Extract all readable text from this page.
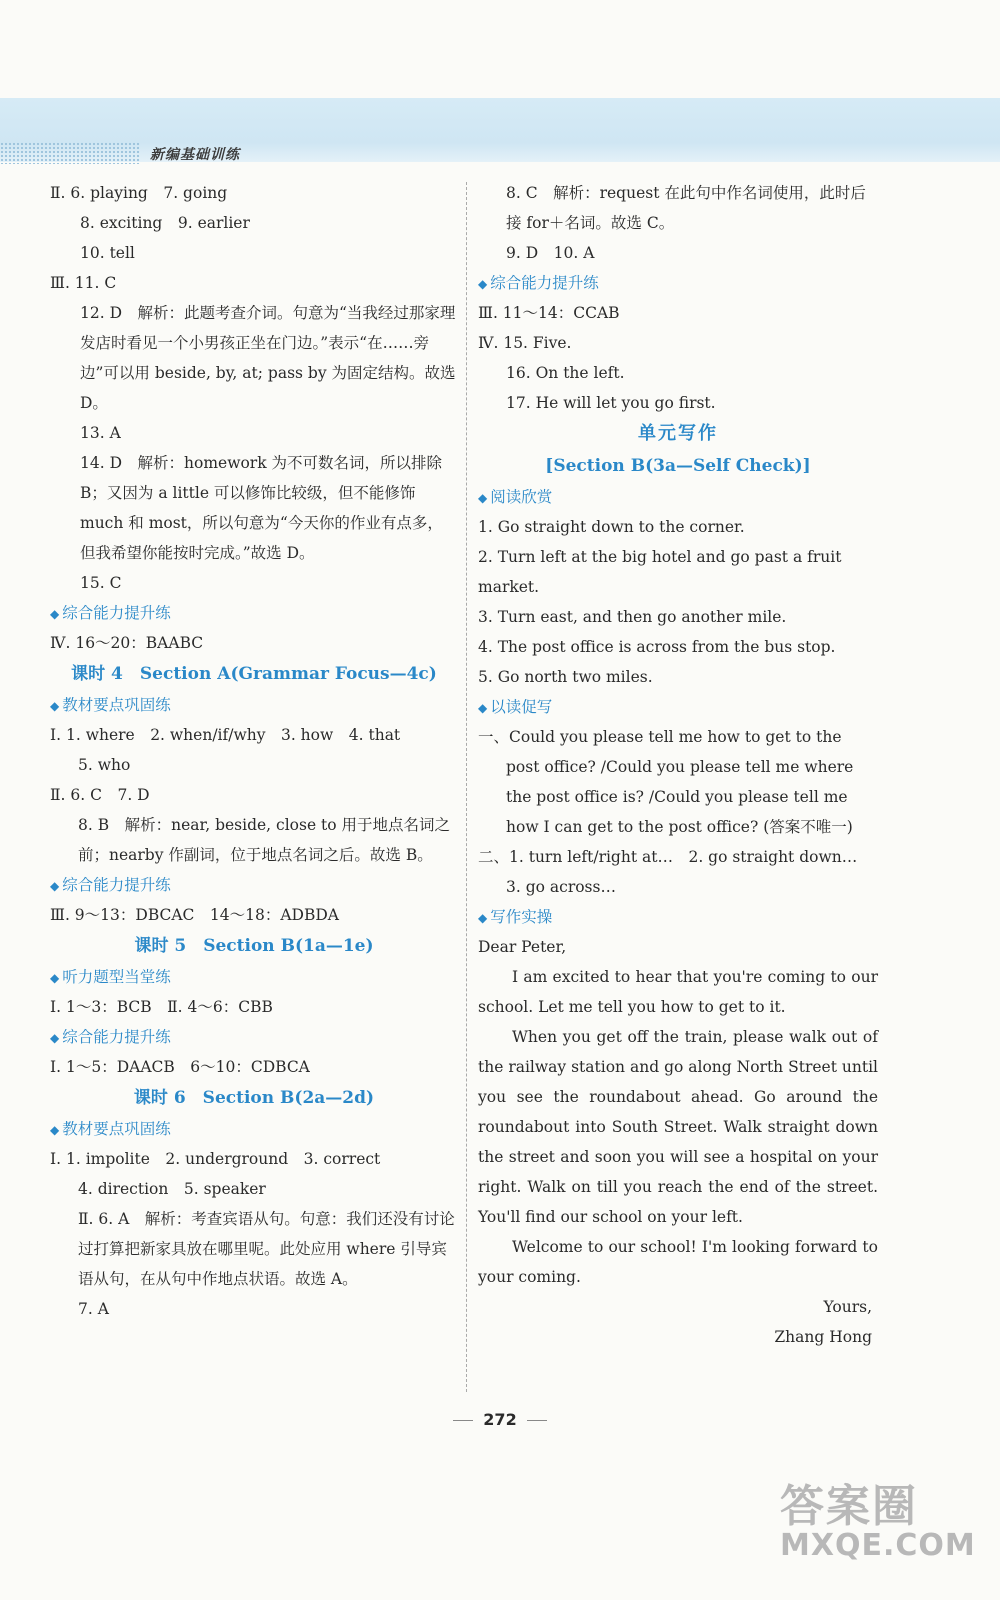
新编基础训练
Ⅱ. 6. playing　7. going
8. exciting　9. earlier
10. tell
Ⅲ. 11. C
12. D　解析：此题考查介词。句意为“当我经过那家理发店时看见一个小男孩正坐在门边。”表示“在……旁边”可以用 beside, by, at; pass by 为固定结构。故选 D。
13. A
14. D　解析：homework 为不可数名词，所以排除 B；又因为 a little 可以修饰比较级，但不能修饰 much 和 most，所以句意为“今天你的作业有点多，但我希望你能按时完成。”故选 D。
15. C
◆ 综合能力提升练
Ⅳ. 16～20：BAABC
课时 4　Section A(Grammar Focus—4c)
◆ 教材要点巩固练
Ⅰ. 1. where　2. when/if/why　3. how　4. that
5. who
Ⅱ. 6. C　7. D
8. B　解析：near, beside, close to 用于地点名词之前；nearby 作副词，位于地点名词之后。故选 B。
◆ 综合能力提升练
Ⅲ. 9～13：DBCAC　14～18：ADBDA
课时 5　Section B(1a—1e)
◆ 听力题型当堂练
Ⅰ. 1～3：BCB　Ⅱ. 4～6：CBB
◆ 综合能力提升练
Ⅰ. 1～5：DAACB　6～10：CDBCA
课时 6　Section B(2a—2d)
◆ 教材要点巩固练
Ⅰ. 1. impolite　2. underground　3. correct
4. direction　5. speaker
Ⅱ. 6. A　解析：考查宾语从句。句意：我们还没有讨论过打算把新家具放在哪里呢。此处应用 where 引导宾语从句，在从句中作地点状语。故选 A。
7. A
8. C　解析：request 在此句中作名词使用，此时后接 for＋名词。故选 C。
9. D　10. A
◆ 综合能力提升练
Ⅲ. 11～14：CCAB
Ⅳ. 15. Five.
16. On the left.
17. He will let you go first.
单元写作
[Section B(3a—Self Check)]
◆ 阅读欣赏
1. Go straight down to the corner.
2. Turn left at the big hotel and go past a fruit market.
3. Turn east, and then go another mile.
4. The post office is across from the bus stop.
5. Go north two miles.
◆ 以读促写
一、Could you please tell me how to get to the post office? /Could you please tell me where the post office is? /Could you please tell me how I can get to the post office? (答案不唯一)
二、1. turn left/right at…　2. go straight down…
3. go across…
◆ 写作实操
Dear Peter,
I am excited to hear that you're coming to our school. Let me tell you how to get to it.
When you get off the train, please walk out of the railway station and go along North Street until you see the roundabout ahead. Go around the roundabout into South Street. Walk straight down the street and soon you will see a hospital on your right. Walk on till you reach the end of the street. You'll find our school on your left.
Welcome to our school! I'm looking forward to your coming.
Yours,
Zhang Hong
272
答案圈
MXQE.COM
